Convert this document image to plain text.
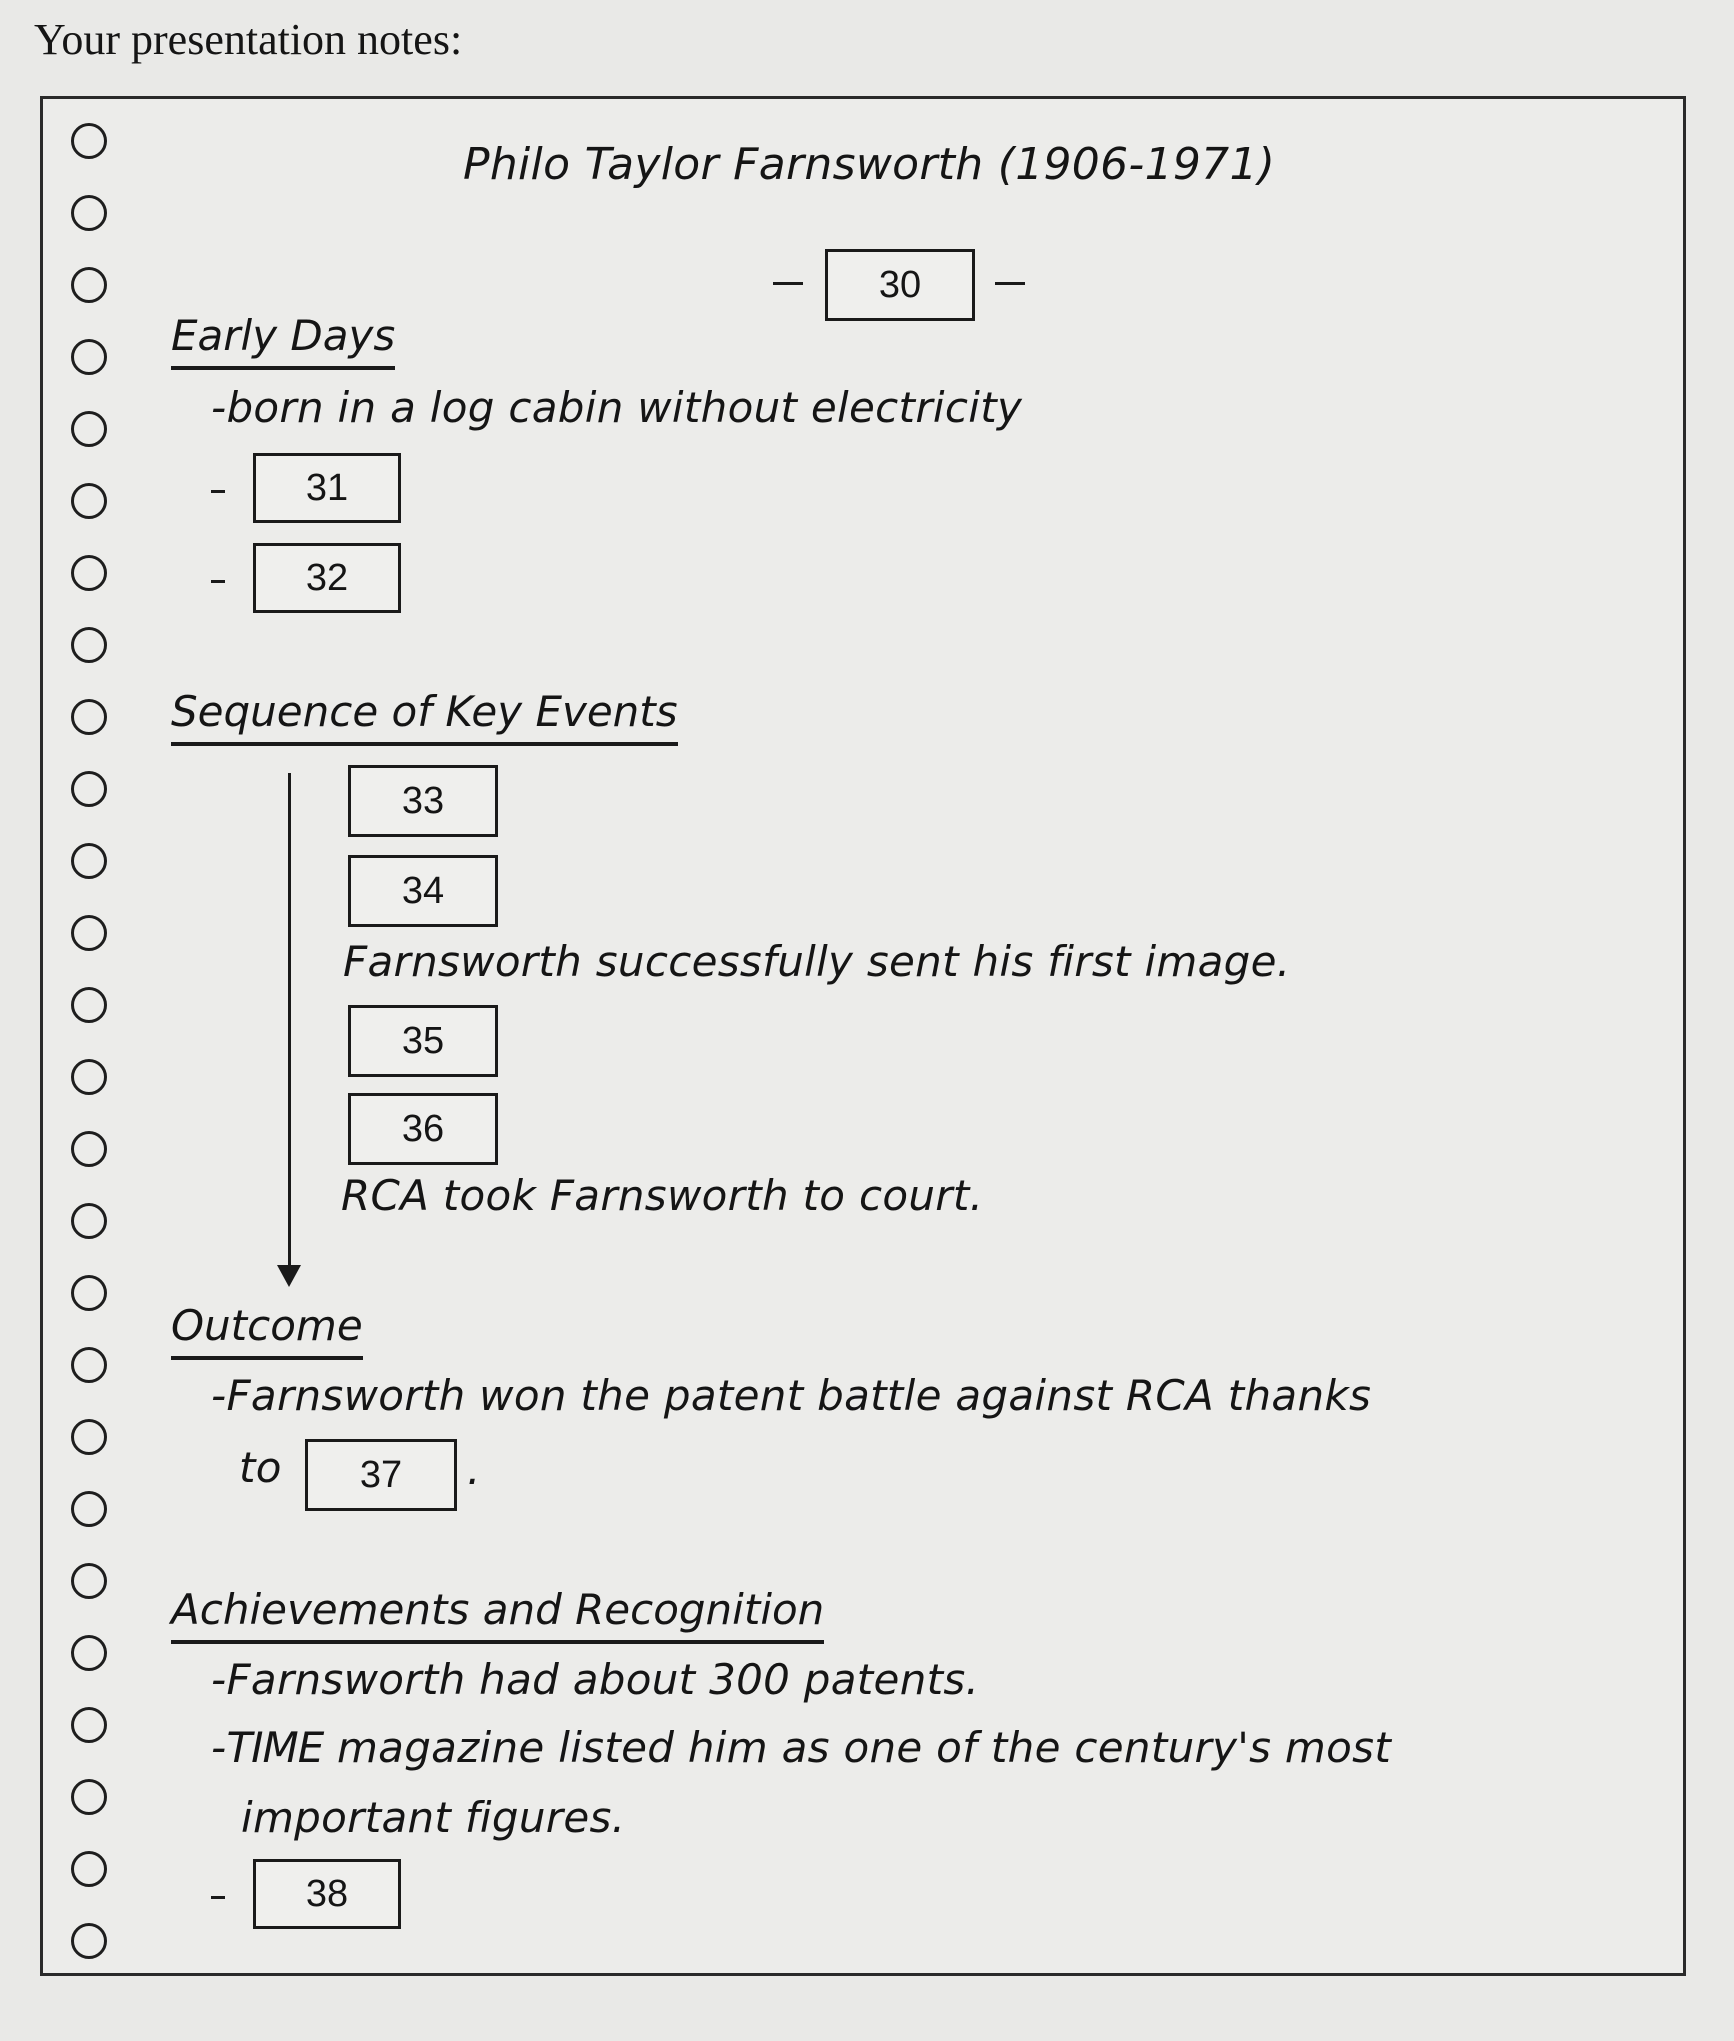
Your presentation notes:
Philo Taylor Farnsworth (1906-1971)
30
Early Days
-born in a log cabin without electricity
31
32
Sequence of Key Events
33
34
Farnsworth successfully sent his first image.
35
36
RCA took Farnsworth to court.
Outcome
-Farnsworth won the patent battle against RCA thanks
to	37	.
Achievements and Recognition
-Farnsworth had about 300 patents.
-TIME magazine listed him as one of the century's most
important figures.
38
